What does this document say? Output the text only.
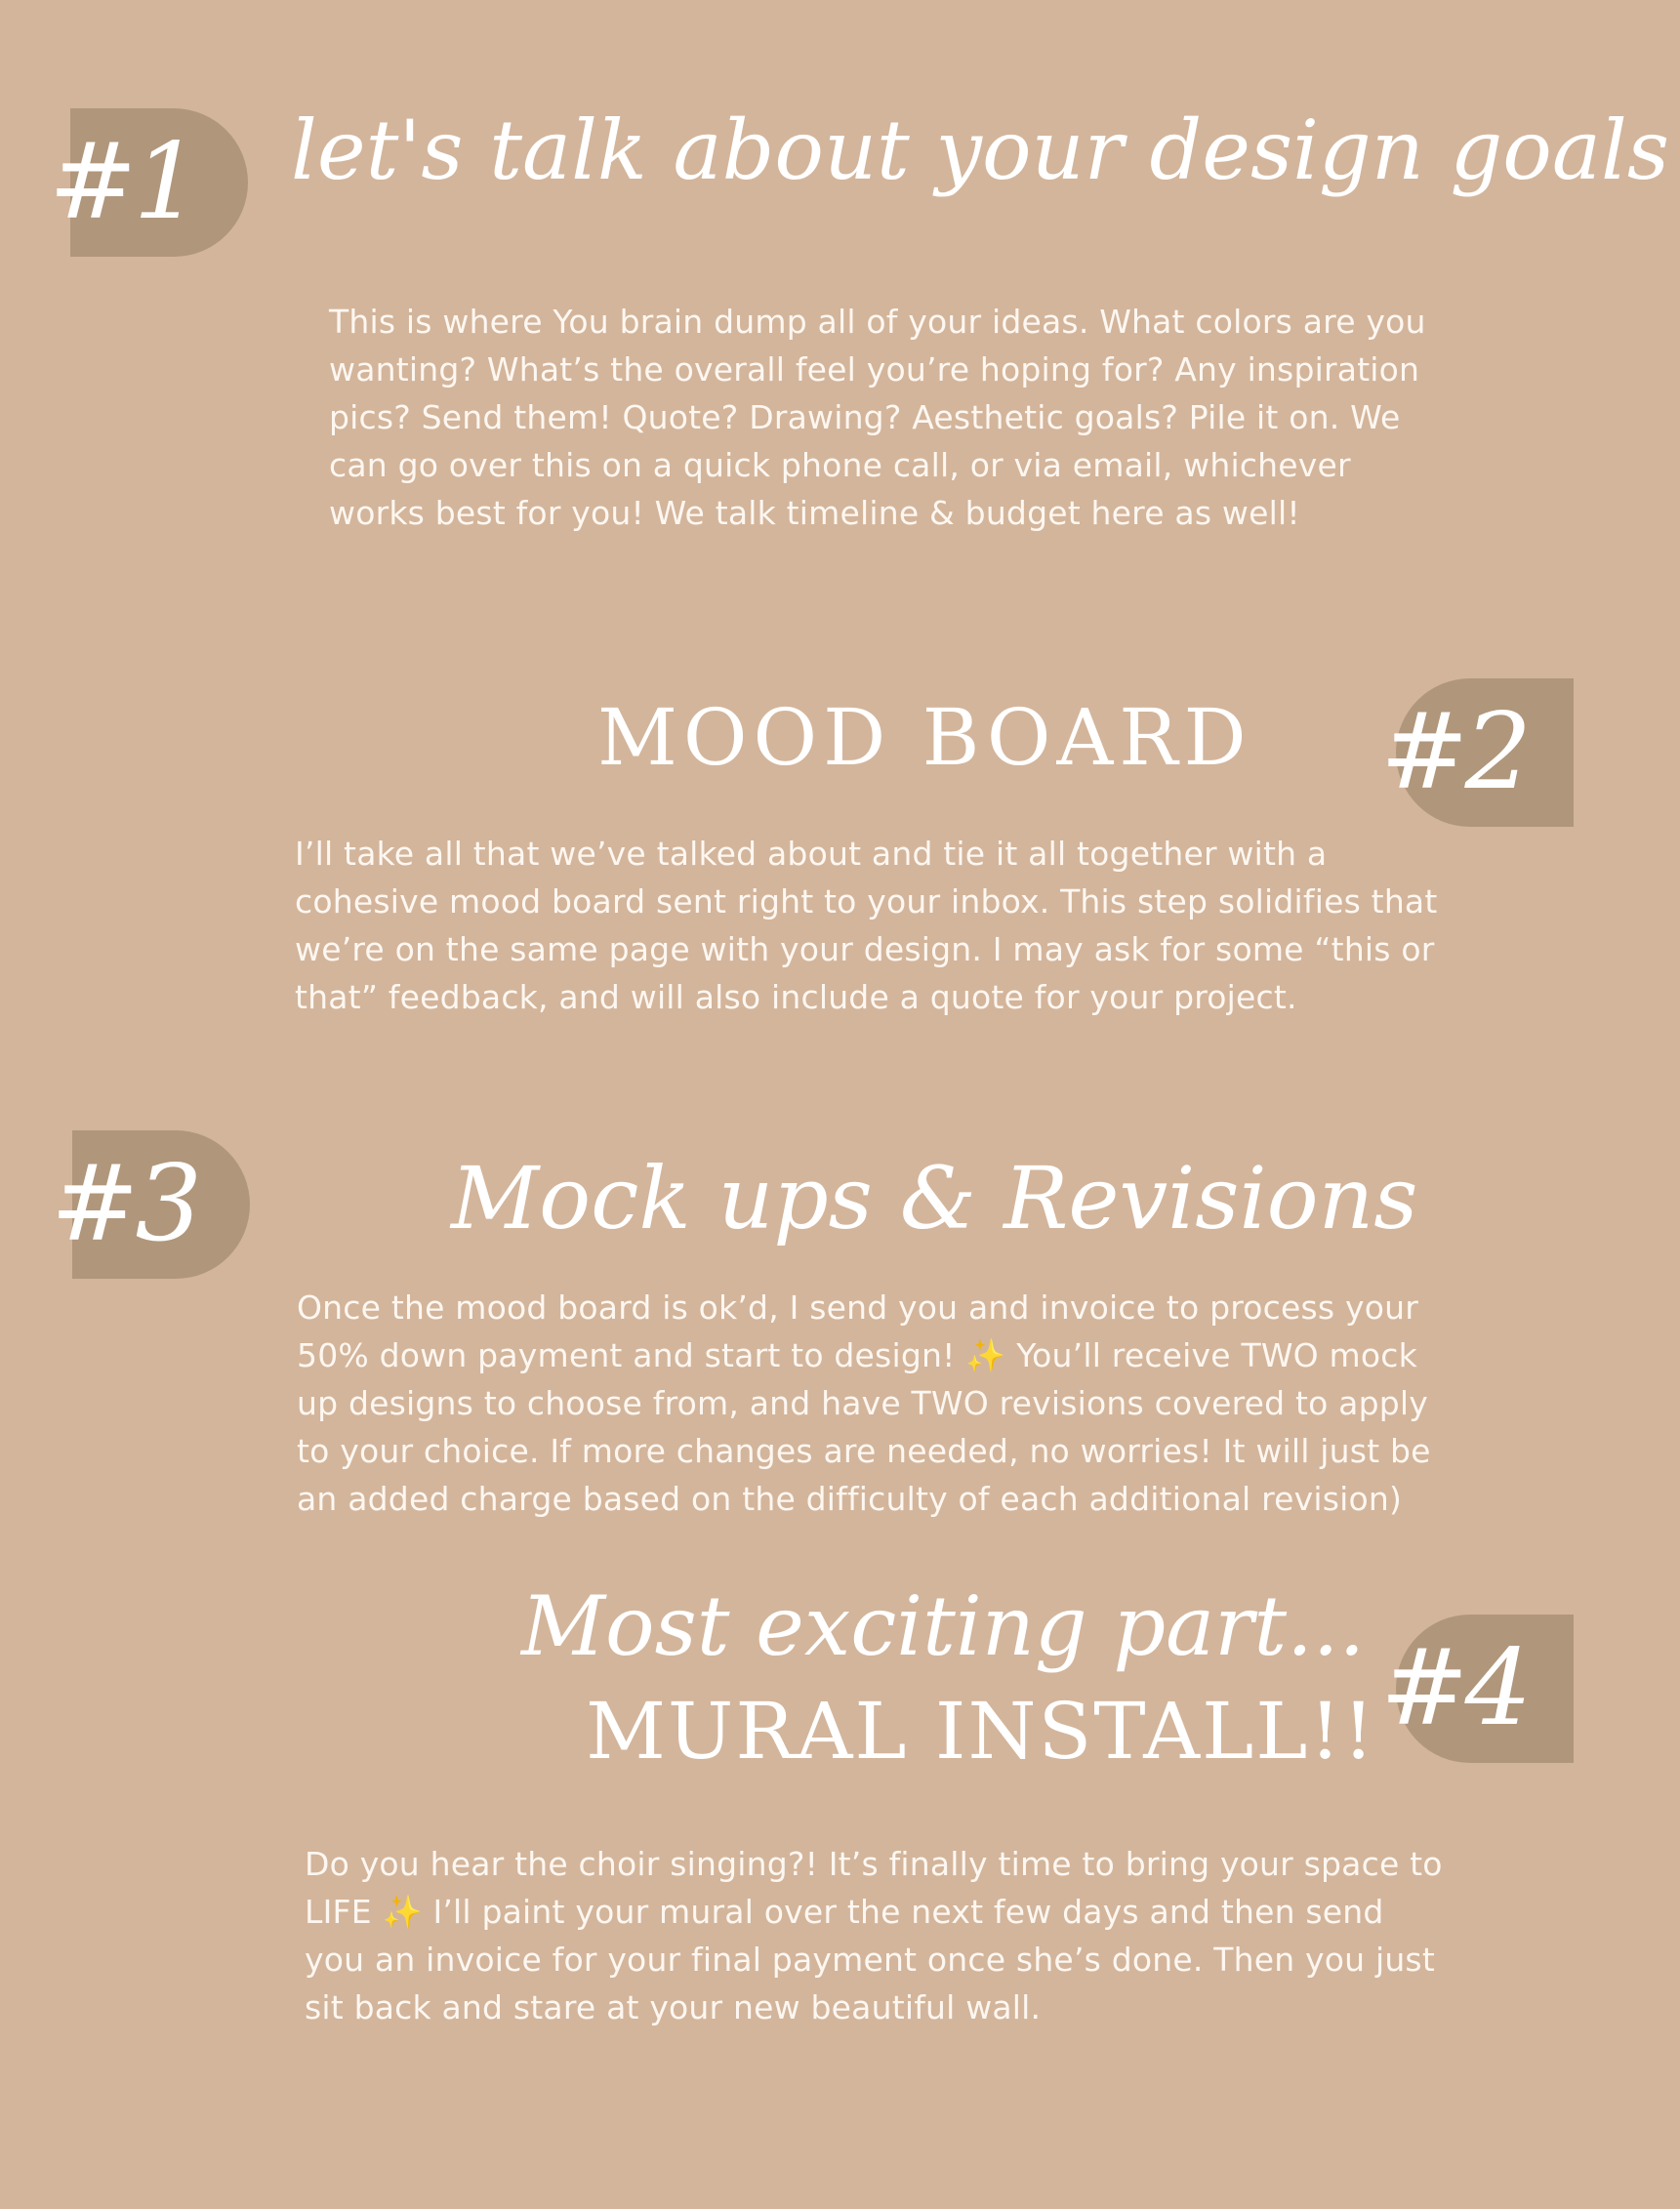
#1 let's talk about your design goals

This is where You brain dump all of your ideas. What colors are you wanting? What’s the overall feel you’re hoping for? Any inspiration pics? Send them! Quote? Drawing? Aesthetic goals? Pile it on. We can go over this on a quick phone call, or via email, whichever works best for you! We talk timeline & budget here as well!

#2
MOOD BOARD

I’ll take all that we’ve talked about and tie it all together with a cohesive mood board sent right to your inbox. This step solidifies that we’re on the same page with your design. I may ask for some “this or that” feedback, and will also include a quote for your project.

#3	Mock ups & Revisions

Once the mood board is ok’d, I send you and invoice to process your 50% down payment and start to design! ✨ You’ll receive TWO mock up designs to choose from, and have TWO revisions covered to apply to your choice. If more changes are needed, no worries! It will just be an added charge based on the difficulty of each additional revision)

#4
Most exciting part...
MURAL INSTALL!!

Do you hear the choir singing?! It’s finally time to bring your space to LIFE ✨ I’ll paint your mural over the next few days and then send you an invoice for your final payment once she’s done. Then you just sit back and stare at your new beautiful wall.
